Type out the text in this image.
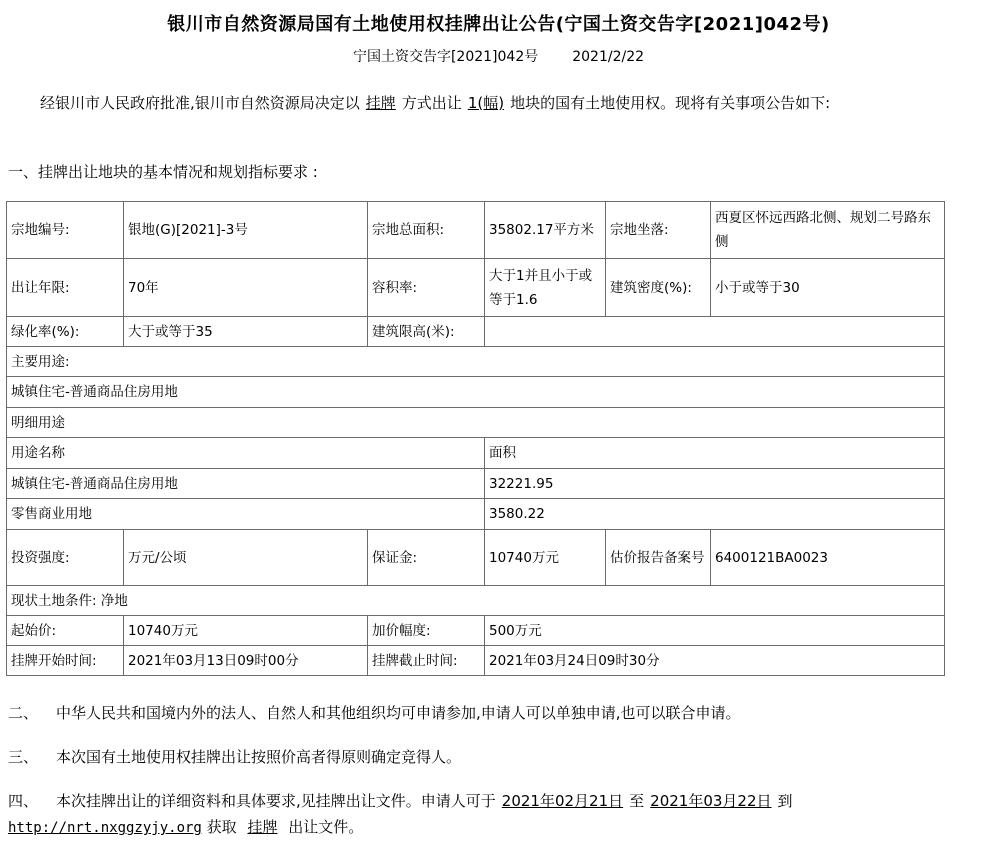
银川市自然资源局国有土地使用权挂牌出让公告(宁国土资交告字[2021]042号)
宁国土资交告字[2021]042号 2021/2/22
经银川市人民政府批准,银川市自然资源局决定以 挂牌 方式出让 1(幅) 地块的国有土地使用权。现将有关事项公告如下:
一、挂牌出让地块的基本情况和规划指标要求 :
宗地编号:	银地(G)[2021]-3号	宗地总面积:	35802.17平方米	宗地坐落:	西夏区怀远西路北侧、规划二号路东侧
出让年限:	70年	容积率:	大于1并且小于或等于1.6	建筑密度(%):	小于或等于30
绿化率(%):	大于或等于35	建筑限高(米):			
主要用途:					
城镇住宅-普通商品住房用地					
明细用途					
用途名称			面积		
城镇住宅-普通商品住房用地			32221.95		
零售商业用地			3580.22		
投资强度:	万元/公顷	保证金:	10740万元	估价报告备案号	6400121BA0023
现状土地条件: 净地					
起始价:	10740万元	加价幅度:	500万元		
挂牌开始时间:	2021年03月13日09时00分	挂牌截止时间:	2021年03月24日09时30分		
二、 中华人民共和国境内外的法人、自然人和其他组织均可申请参加,申请人可以单独申请,也可以联合申请。
三、 本次国有土地使用权挂牌出让按照价高者得原则确定竞得人。
四、 本次挂牌出让的详细资料和具体要求,见挂牌出让文件。申请人可于 2021年02月21日 至 2021年03月22日 到
http://nrt.nxggzyjy.org 获取 挂牌 出让文件。
